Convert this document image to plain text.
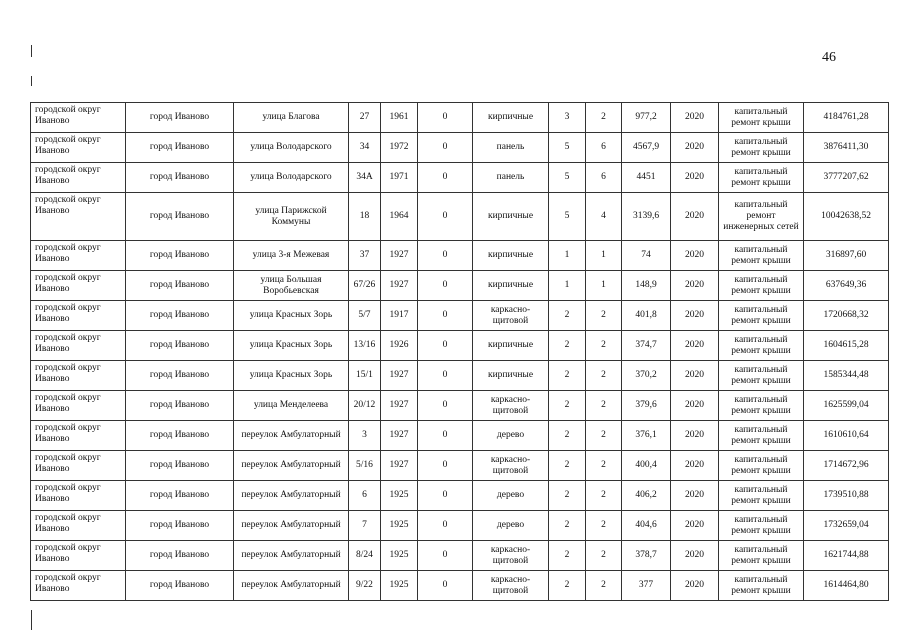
46
городской округ Иваново	город Иваново	улица Благова	27	1961	0	кирпичные	3	2	977,2	2020	капитальный ремонт крыши	4184761,28
городской округ Иваново	город Иваново	улица Володарского	34	1972	0	панель	5	6	4567,9	2020	капитальный ремонт крыши	3876411,30
городской округ Иваново	город Иваново	улица Володарского	34А	1971	0	панель	5	6	4451	2020	капитальный ремонт крыши	3777207,62
городской округ Иваново	город Иваново	улица Парижской Коммуны	18	1964	0	кирпичные	5	4	3139,6	2020	капитальный ремонт инженерных сетей	10042638,52
городской округ Иваново	город Иваново	улица 3-я Межевая	37	1927	0	кирпичные	1	1	74	2020	капитальный ремонт крыши	316897,60
городской округ Иваново	город Иваново	улица Большая Воробьевская	67/26	1927	0	кирпичные	1	1	148,9	2020	капитальный ремонт крыши	637649,36
городской округ Иваново	город Иваново	улица Красных Зорь	5/7	1917	0	каркасно-щитовой	2	2	401,8	2020	капитальный ремонт крыши	1720668,32
городской округ Иваново	город Иваново	улица Красных Зорь	13/16	1926	0	кирпичные	2	2	374,7	2020	капитальный ремонт крыши	1604615,28
городской округ Иваново	город Иваново	улица Красных Зорь	15/1	1927	0	кирпичные	2	2	370,2	2020	капитальный ремонт крыши	1585344,48
городской округ Иваново	город Иваново	улица Менделеева	20/12	1927	0	каркасно-щитовой	2	2	379,6	2020	капитальный ремонт крыши	1625599,04
городской округ Иваново	город Иваново	переулок Амбулаторный	3	1927	0	дерево	2	2	376,1	2020	капитальный ремонт крыши	1610610,64
городской округ Иваново	город Иваново	переулок Амбулаторный	5/16	1927	0	каркасно-щитовой	2	2	400,4	2020	капитальный ремонт крыши	1714672,96
городской округ Иваново	город Иваново	переулок Амбулаторный	6	1925	0	дерево	2	2	406,2	2020	капитальный ремонт крыши	1739510,88
городской округ Иваново	город Иваново	переулок Амбулаторный	7	1925	0	дерево	2	2	404,6	2020	капитальный ремонт крыши	1732659,04
городской округ Иваново	город Иваново	переулок Амбулаторный	8/24	1925	0	каркасно-щитовой	2	2	378,7	2020	капитальный ремонт крыши	1621744,88
городской округ Иваново	город Иваново	переулок Амбулаторный	9/22	1925	0	каркасно-щитовой	2	2	377	2020	капитальный ремонт крыши	1614464,80
